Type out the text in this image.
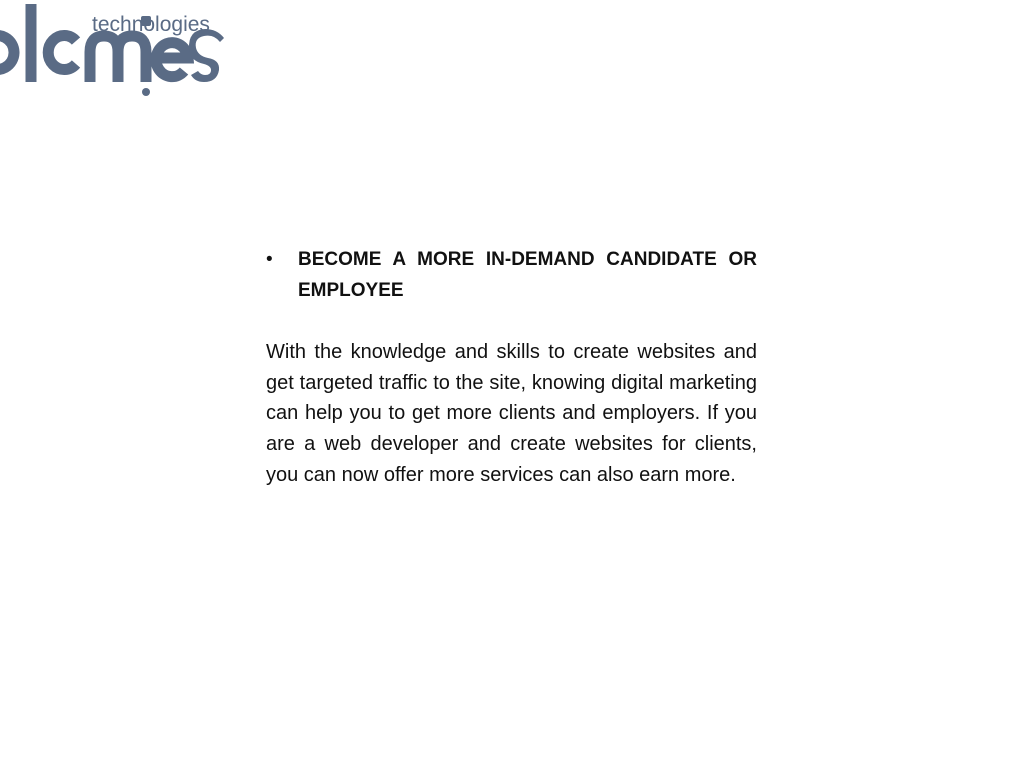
technologies
•	BECOME A MORE IN-DEMAND CANDIDATE OR EMPLOYEE

With the knowledge and skills to create websites and get targeted traffic to the site, knowing digital marketing can help you to get more clients and employers. If you are a web developer and create websites for clients, you can now offer more services can also earn more.
